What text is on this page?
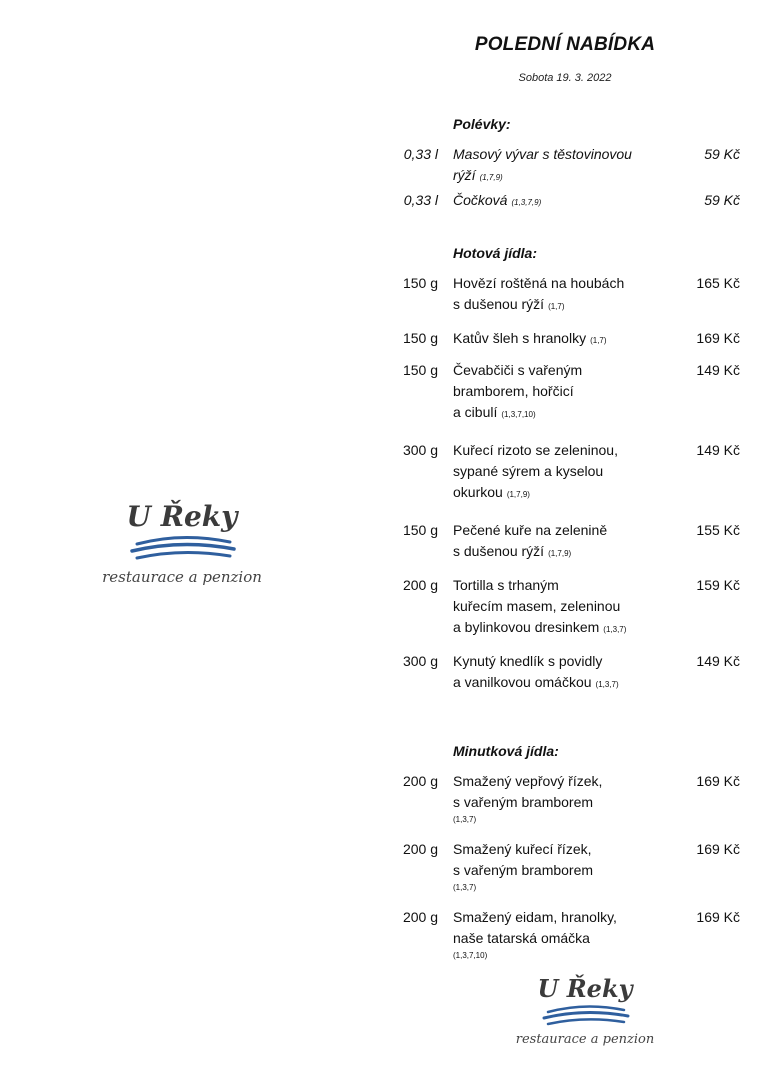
POLEDNÍ NABÍDKA
Sobota 19. 3. 2022
U Řeky
restaurace a penzion
U Řeky
restaurace a penzion
Polévky:
0,33 l Masový vývar s těstovinovou
rýží (1,7,9)
59 Kč
0,33 l Čočková (1,3,7,9)	59 Kč
Hotová jídla:
150 g Hovězí roštěná na houbách
s dušenou rýží (1,7)
165 Kč
150 g Katův šleh s hranolky (1,7)	169 Kč
150 g Čevabčiči s vařeným
bramborem, hořčicí
a cibulí (1,3,7,10)
149 Kč
300 g Kuřecí rizoto se zeleninou,
sypané sýrem a kyselou
okurkou (1,7,9)
149 Kč
150 g Pečené kuře na zelenině
s dušenou rýží (1,7,9)
155 Kč
200 g Tortilla s trhaným
kuřecím masem, zeleninou
a bylinkovou dresinkem (1,3,7)
159 Kč
300 g Kynutý knedlík s povidly
a vanilkovou omáčkou (1,3,7)
149 Kč
Minutková jídla:
200 g Smažený vepřový řízek,
s vařeným bramborem
(1,3,7)
169 Kč
200 g Smažený kuřecí řízek,
s vařeným bramborem
(1,3,7)
169 Kč
200 g Smažený eidam, hranolky,
naše tatarská omáčka
(1,3,7,10)
169 Kč
